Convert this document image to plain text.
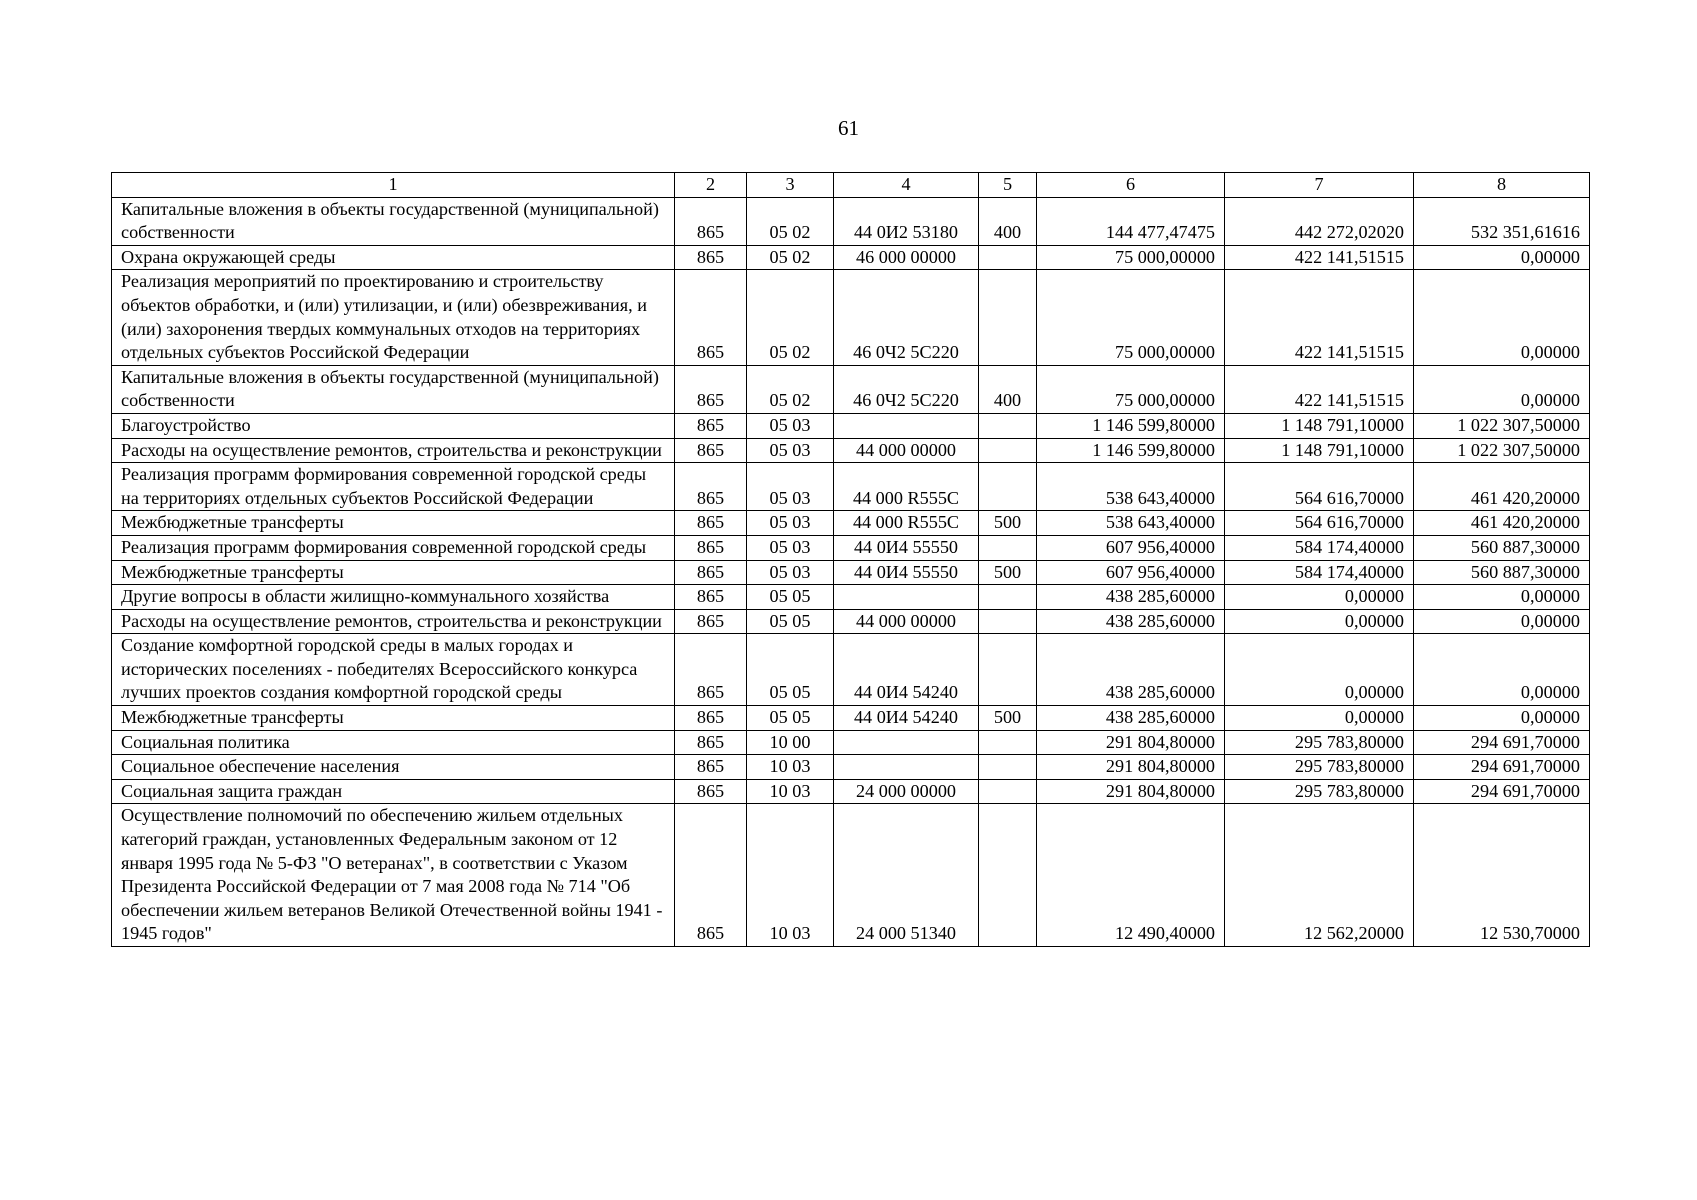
61
1	2	3	4	5	6	7	8
Капитальные вложения в объекты государственной (муниципальной) собственности	865	05 02	44 0И2 53180	400	144 477,47475	442 272,02020	532 351,61616
Охрана окружающей среды	865	05 02	46 000 00000		75 000,00000	422 141,51515	0,00000
Реализация мероприятий по проектированию и строительству объектов обработки, и (или) утилизации, и (или) обезвреживания, и (или) захоронения твердых коммунальных отходов на территориях отдельных субъектов Российской Федерации	865	05 02	46 0Ч2 5С220		75 000,00000	422 141,51515	0,00000
Капитальные вложения в объекты государственной (муниципальной) собственности	865	05 02	46 0Ч2 5С220	400	75 000,00000	422 141,51515	0,00000
Благоустройство	865	05 03			1 146 599,80000	1 148 791,10000	1 022 307,50000
Расходы на осуществление ремонтов, строительства и реконструкции	865	05 03	44 000 00000		1 146 599,80000	1 148 791,10000	1 022 307,50000
Реализация программ формирования современной городской среды на территориях отдельных субъектов Российской Федерации	865	05 03	44 000 R555С		538 643,40000	564 616,70000	461 420,20000
Межбюджетные трансферты	865	05 03	44 000 R555С	500	538 643,40000	564 616,70000	461 420,20000
Реализация программ формирования современной городской среды	865	05 03	44 0И4 55550		607 956,40000	584 174,40000	560 887,30000
Межбюджетные трансферты	865	05 03	44 0И4 55550	500	607 956,40000	584 174,40000	560 887,30000
Другие вопросы в области жилищно-коммунального хозяйства	865	05 05			438 285,60000	0,00000	0,00000
Расходы на осуществление ремонтов, строительства и реконструкции	865	05 05	44 000 00000		438 285,60000	0,00000	0,00000
Создание комфортной городской среды в малых городах и исторических поселениях - победителях Всероссийского конкурса лучших проектов создания комфортной городской среды	865	05 05	44 0И4 54240		438 285,60000	0,00000	0,00000
Межбюджетные трансферты	865	05 05	44 0И4 54240	500	438 285,60000	0,00000	0,00000
Социальная политика	865	10 00			291 804,80000	295 783,80000	294 691,70000
Социальное обеспечение населения	865	10 03			291 804,80000	295 783,80000	294 691,70000
Социальная защита граждан	865	10 03	24 000 00000		291 804,80000	295 783,80000	294 691,70000
Осуществление полномочий по обеспечению жильем отдельных категорий граждан, установленных Федеральным законом от 12 января 1995 года № 5-ФЗ "О ветеранах", в соответствии с Указом Президента Российской Федерации от 7 мая 2008 года № 714 "Об обеспечении жильем ветеранов Великой Отечественной войны 1941 - 1945 годов"	865	10 03	24 000 51340		12 490,40000	12 562,20000	12 530,70000
